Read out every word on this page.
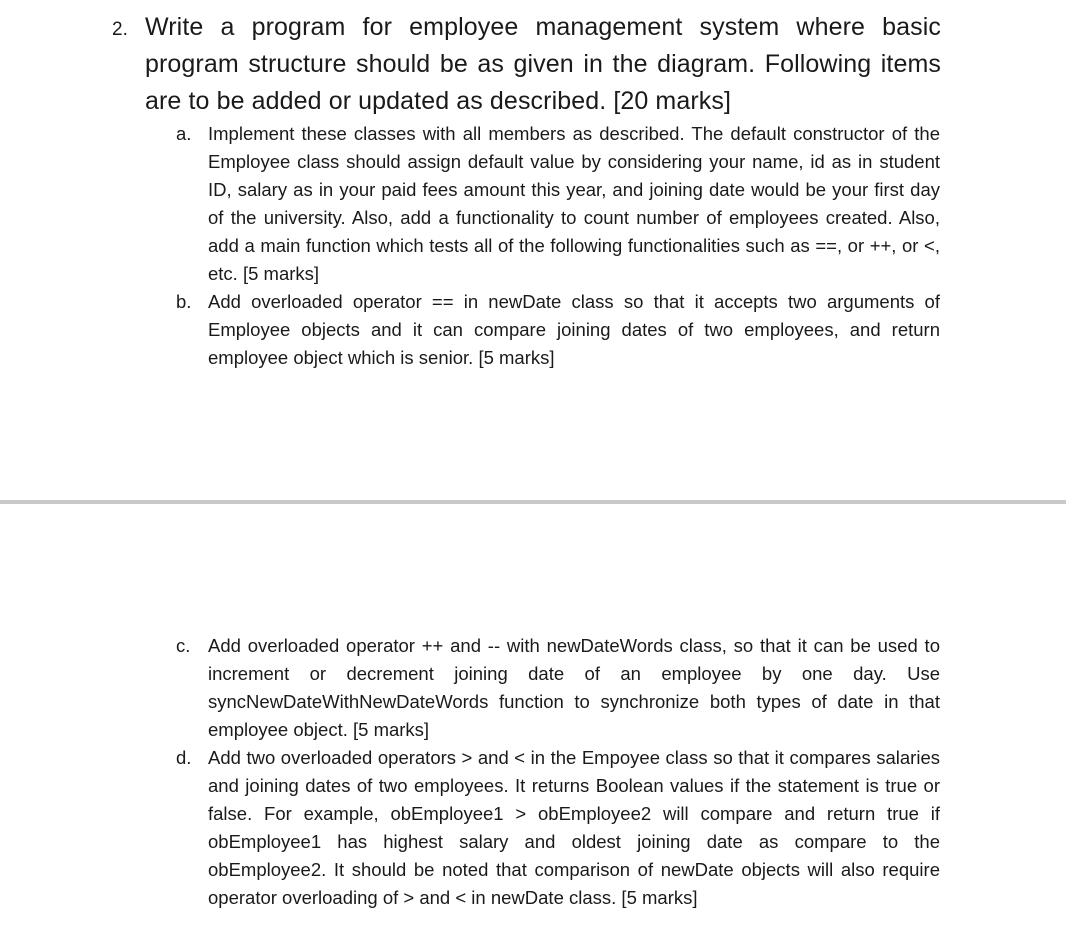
2. Write a program for employee management system where basic program structure should be as given in the diagram. Following items are to be added or updated as described. [20 marks]
a. Implement these classes with all members as described. The default constructor of the Employee class should assign default value by considering your name, id as in student ID, salary as in your paid fees amount this year, and joining date would be your first day of the university. Also, add a functionality to count number of employees created. Also, add a main function which tests all of the following functionalities such as ==, or ++, or <, etc. [5 marks]
b. Add overloaded operator == in newDate class so that it accepts two arguments of Employee objects and it can compare joining dates of two employees, and return employee object which is senior. [5 marks]
c. Add overloaded operator ++ and -- with newDateWords class, so that it can be used to increment or decrement joining date of an employee by one day. Use syncNewDateWithNewDateWords function to synchronize both types of date in that employee object. [5 marks]
d. Add two overloaded operators > and < in the Empoyee class so that it compares salaries and joining dates of two employees. It returns Boolean values if the statement is true or false. For example, obEmployee1 > obEmployee2 will compare and return true if obEmployee1 has highest salary and oldest joining date as compare to the obEmployee2. It should be noted that comparison of newDate objects will also require operator overloading of > and < in newDate class. [5 marks]
